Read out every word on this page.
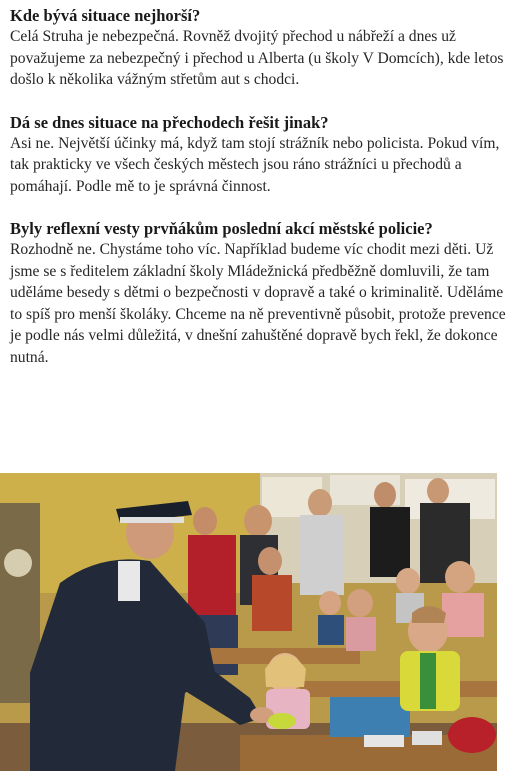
Kde bývá situace nejhorší?

Celá Struha je nebezpečná. Rovněž dvojitý přechod u nábřeží a dnes už považujeme za nebezpečný i přechod u Alberta (u školy V Domcích), kde letos došlo k několika vážným střetům aut s chodci.

Dá se dnes situace na přechodech řešit jinak?

Asi ne. Největší účinky má, když tam stojí strážník nebo policista. Pokud vím, tak prakticky ve všech českých městech jsou ráno strážníci u přechodů a pomáhají. Podle mě to je správná činnost.

Byly reflexní vesty prvňákům poslední akcí městské policie?

Rozhodně ne. Chystáme toho víc. Například budeme víc chodit mezi děti. Už jsme se s ředitelem základní školy Mládežnická předběžně domluvili, že tam uděláme besedy s dětmi o bezpečnosti v dopravě a také o kriminalitě. Uděláme to spíš pro menší školáky. Chceme na ně preventivně působit, protože prevence je podle nás velmi důležitá, v dnešní zahuštěné dopravě bych řekl, že dokonce nutná.
